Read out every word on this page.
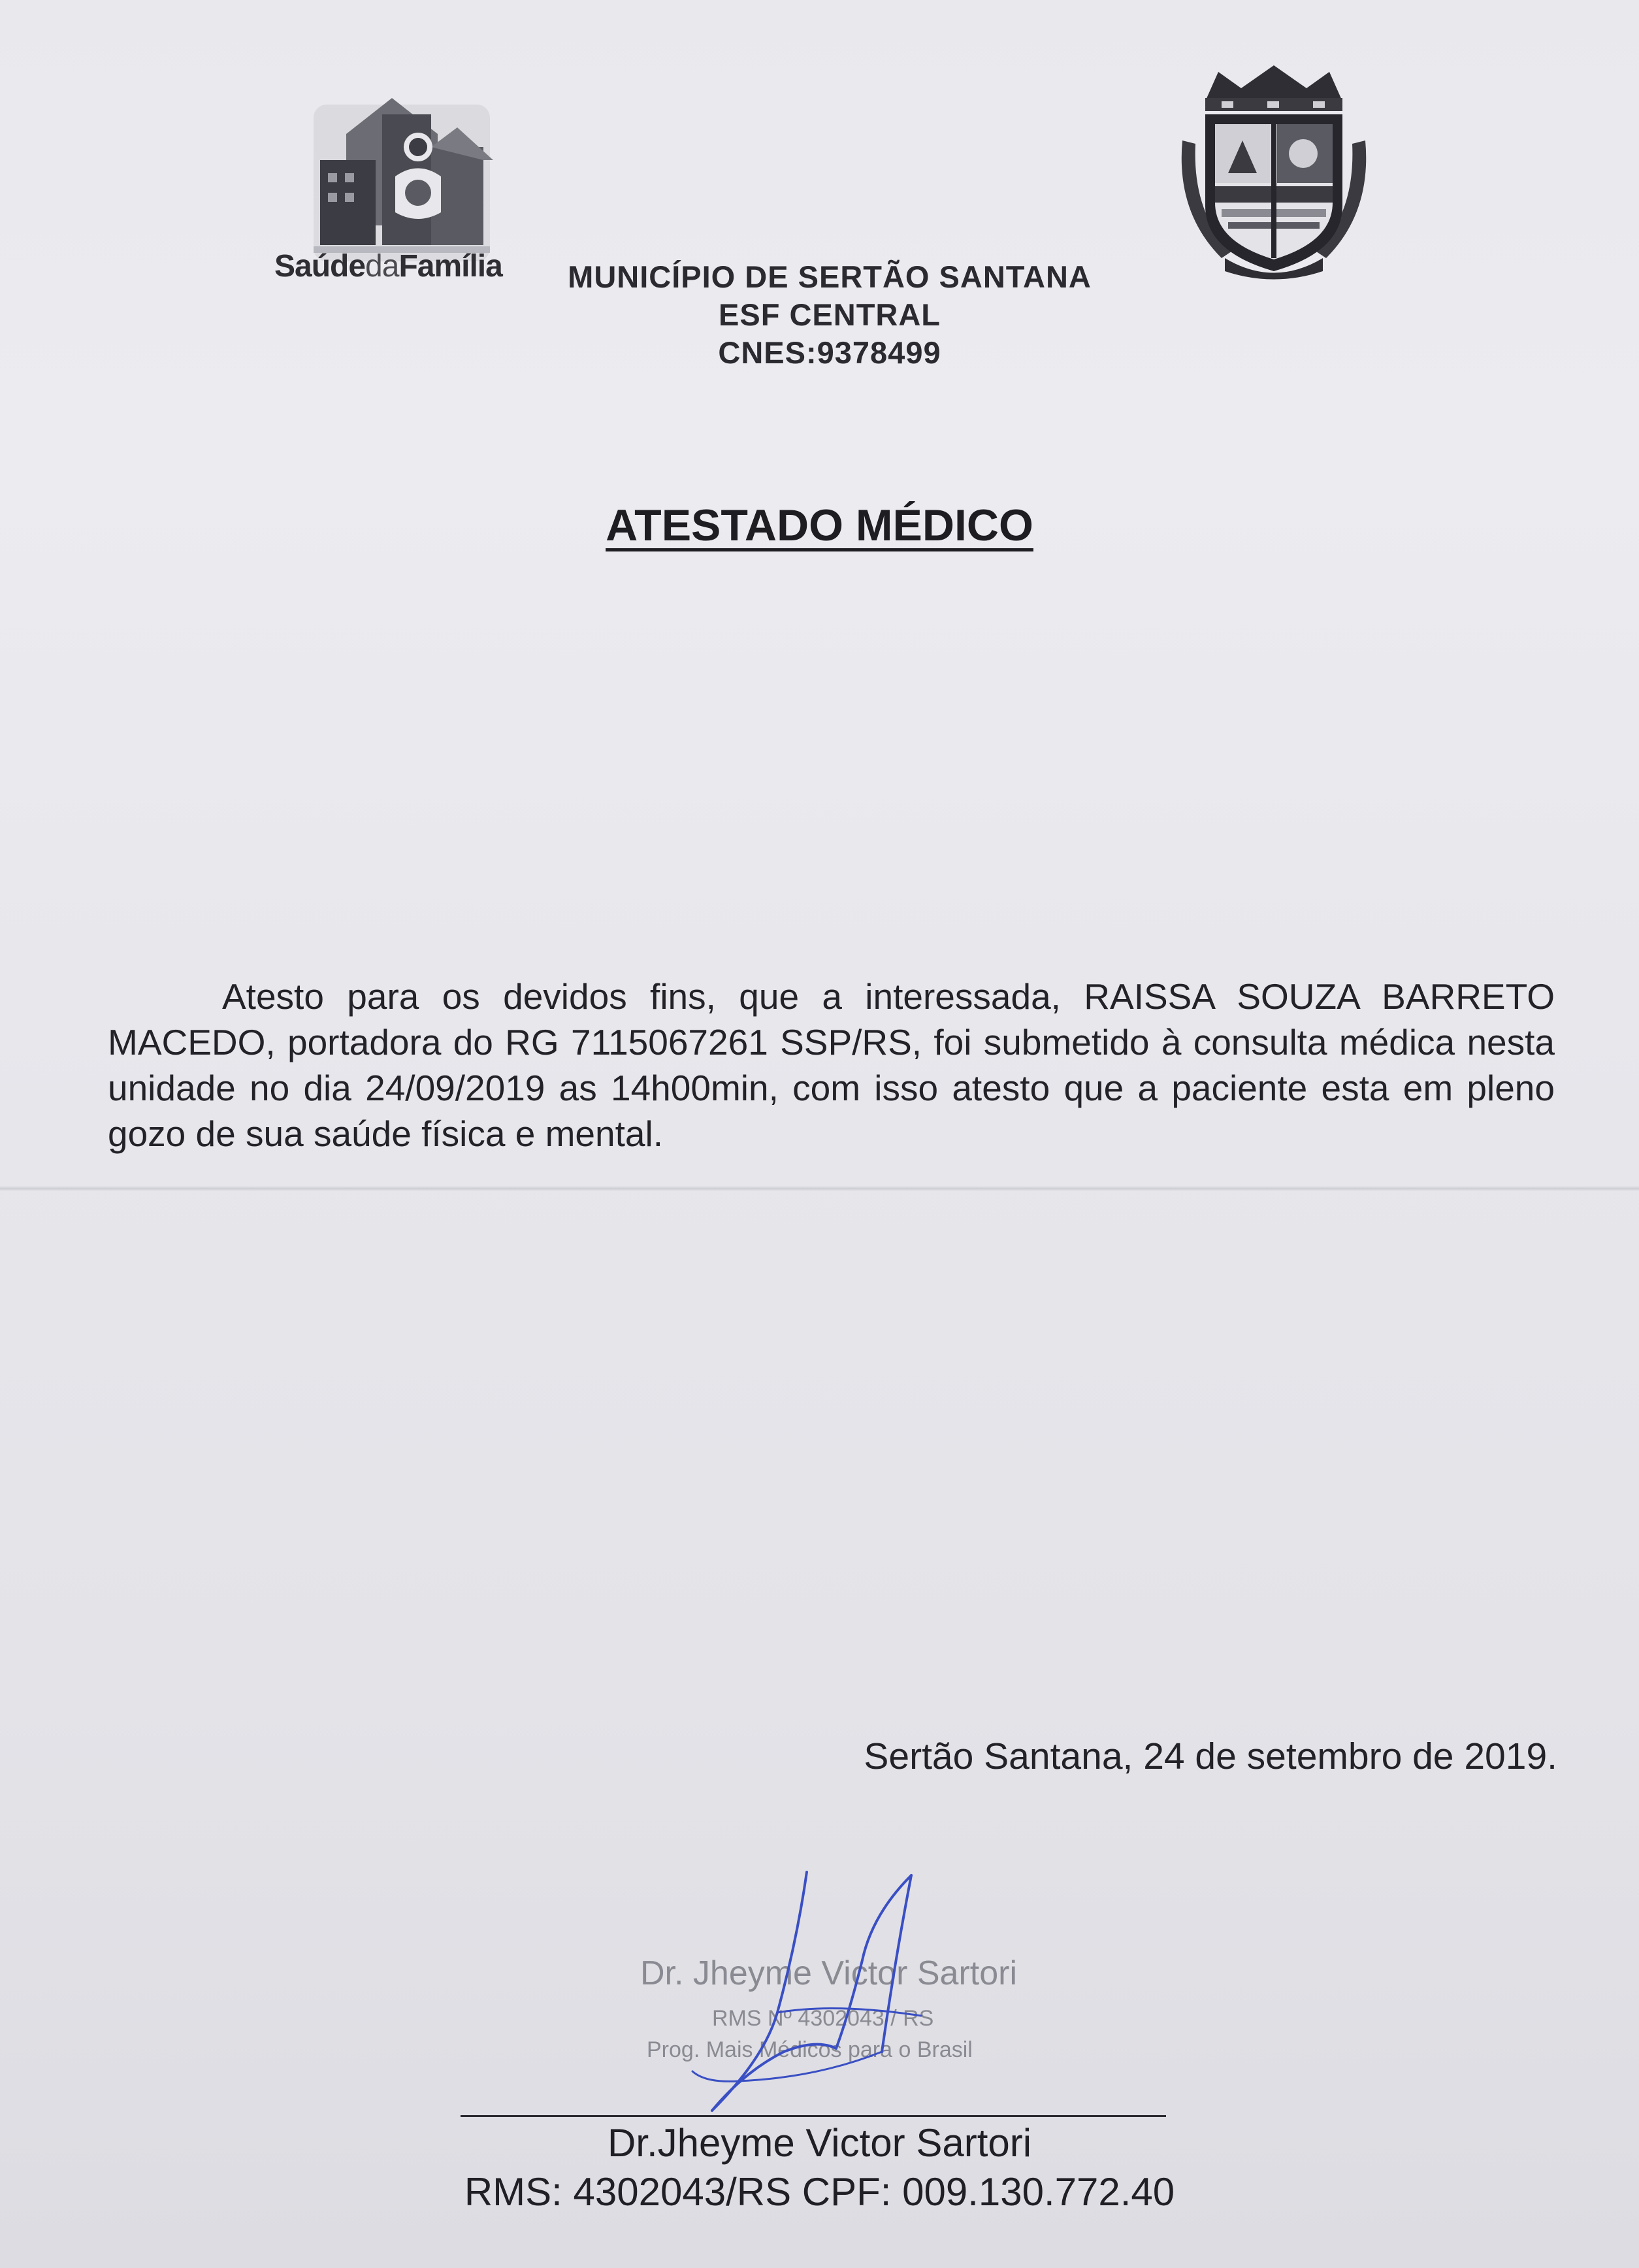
SaúdedaFamília MUNICÍPIO DE SERTÃO SANTANA
ESF CENTRAL
CNES:9378499
ATESTADO MÉDICO
Atesto para os devidos fins, que a interessada, RAISSA SOUZA BARRETO MACEDO, portadora do RG 7115067261 SSP/RS, foi submetido à consulta médica nesta unidade no dia 24/09/2019 as 14h00min, com isso atesto que a paciente esta em pleno gozo de sua saúde física e mental.
Sertão Santana, 24 de setembro de 2019.
Dr. Jheyme Victor Sartori
RMS Nº 4302043 / RS
Prog. Mais Médicos para o Brasil
Dr.Jheyme Victor Sartori
RMS: 4302043/RS CPF: 009.130.772.40
